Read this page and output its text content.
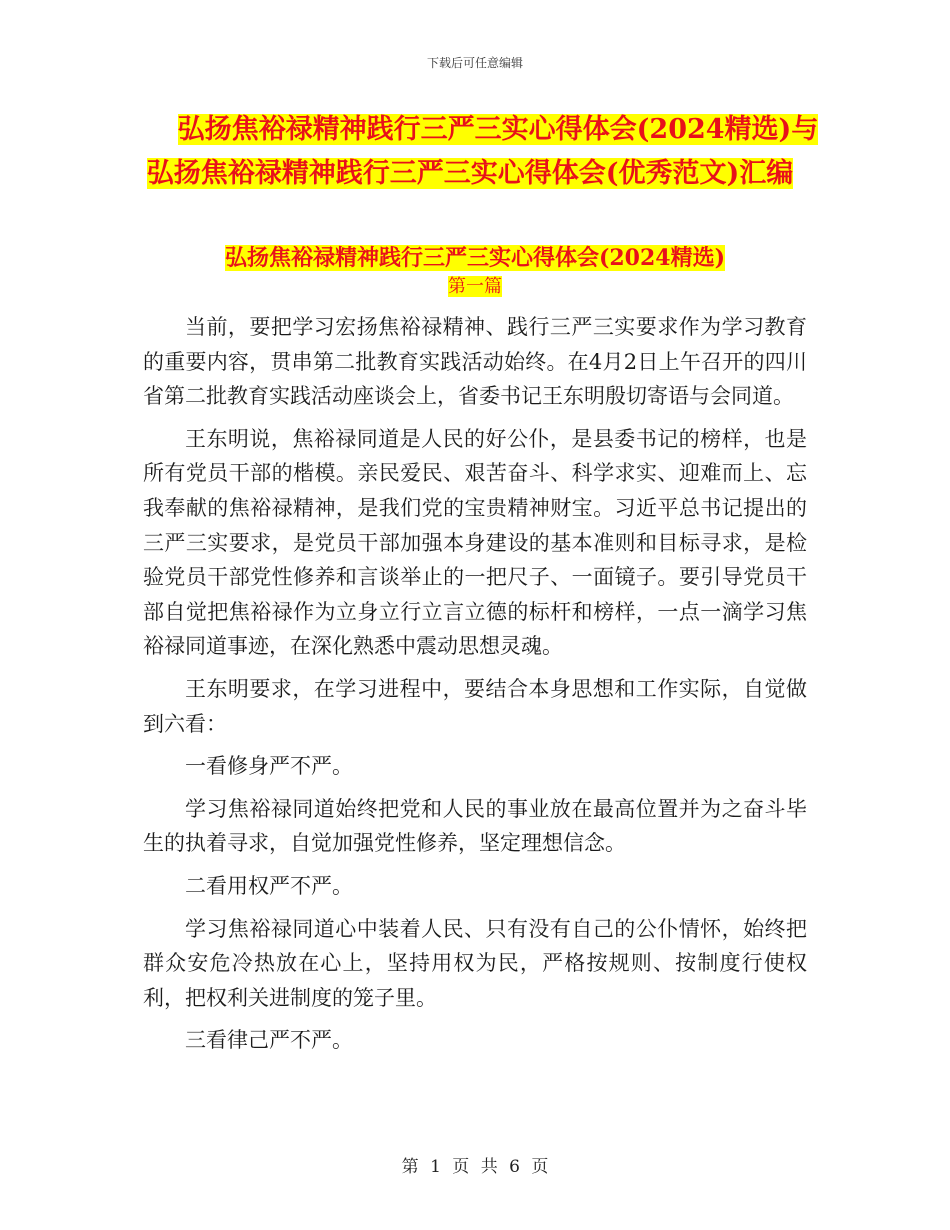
下载后可任意编辑
弘扬焦裕禄精神践行三严三实心得体会(2024精选)与
弘扬焦裕禄精神践行三严三实心得体会(优秀范文)汇编
弘扬焦裕禄精神践行三严三实心得体会(2024精选)
第一篇

当前，要把学习宏扬焦裕禄精神、践行三严三实要求作为学习教育的重要内容，贯串第二批教育实践活动始终。在4月2日上午召开的四川省第二批教育实践活动座谈会上，省委书记王东明殷切寄语与会同道。

王东明说，焦裕禄同道是人民的好公仆，是县委书记的榜样，也是所有党员干部的楷模。亲民爱民、艰苦奋斗、科学求实、迎难而上、忘我奉献的焦裕禄精神，是我们党的宝贵精神财宝。习近平总书记提出的三严三实要求，是党员干部加强本身建设的基本准则和目标寻求，是检验党员干部党性修养和言谈举止的一把尺子、一面镜子。要引导党员干部自觉把焦裕禄作为立身立行立言立德的标杆和榜样，一点一滴学习焦裕禄同道事迹，在深化熟悉中震动思想灵魂。

王东明要求，在学习进程中，要结合本身思想和工作实际，自觉做到六看：

一看修身严不严。

学习焦裕禄同道始终把党和人民的事业放在最高位置并为之奋斗毕生的执着寻求，自觉加强党性修养，坚定理想信念。

二看用权严不严。

学习焦裕禄同道心中装着人民、只有没有自己的公仆情怀，始终把群众安危冷热放在心上，坚持用权为民，严格按规则、按制度行使权利，把权利关进制度的笼子里。

三看律己严不严。

第 1 页 共 6 页
